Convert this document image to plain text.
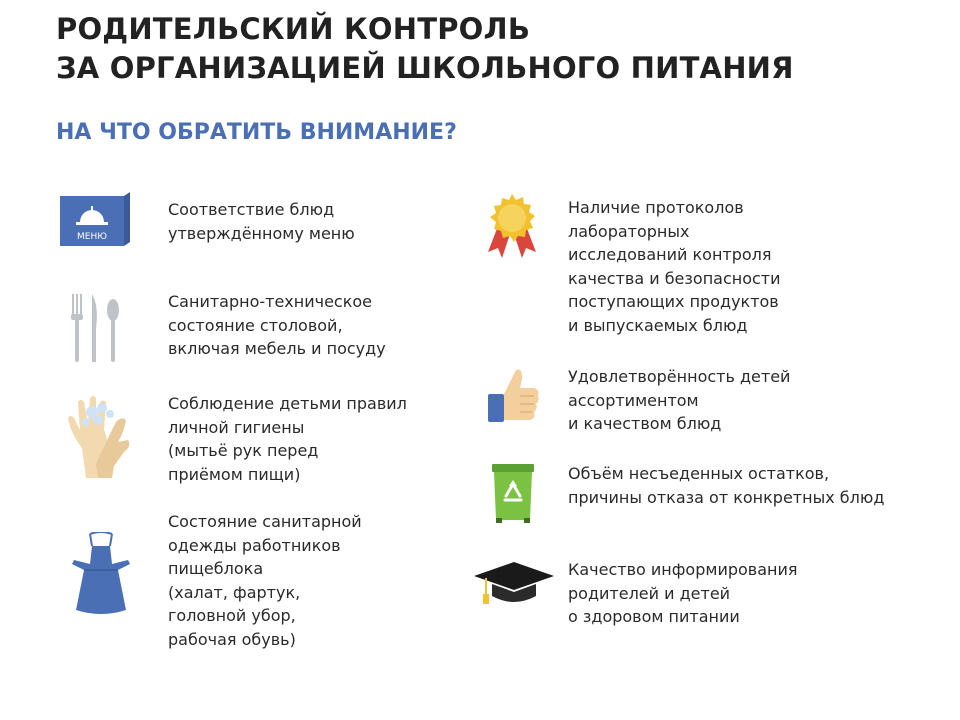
РОДИТЕЛЬСКИЙ КОНТРОЛЬ
ЗА ОРГАНИЗАЦИЕЙ ШКОЛЬНОГО ПИТАНИЯ
НА ЧТО ОБРАТИТЬ ВНИМАНИЕ?
МЕНЮ
Соответствие блюд
утверждённому меню
Санитарно-техническое
состояние столовой,
включая мебель и посуду
Соблюдение детьми правил
личной гигиены
(мытьё рук перед
приёмом пищи)
Состояние санитарной
одежды работников
пищеблока
(халат, фартук,
головной убор,
рабочая обувь)
Наличие протоколов
лабораторных
исследований контроля
качества и безопасности
поступающих продуктов
и выпускаемых блюд
Удовлетворённость детей
ассортиментом
и качеством блюд
Объём несъеденных остатков,
причины отказа от конкретных блюд
Качество информирования
родителей и детей
о здоровом питании
